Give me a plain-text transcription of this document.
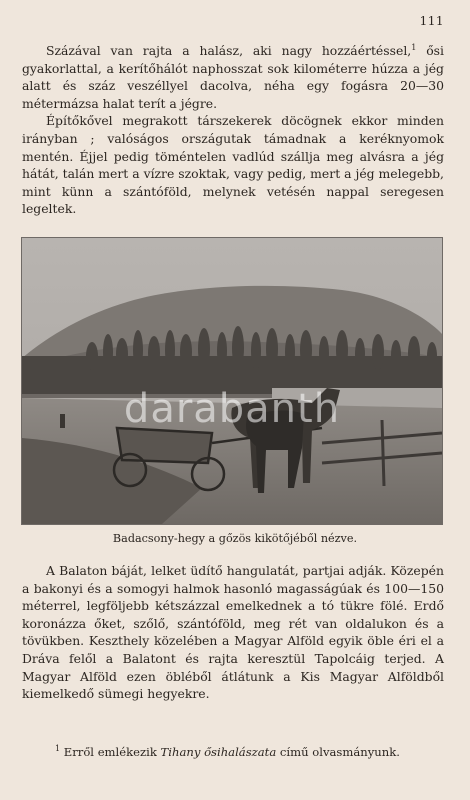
111

Százával van rajta a halász, aki nagy hozzáértéssel,$^1$ ősi gyakorlattal, a kerítőhálót naphosszat sok kilométerre húzza a jég alatt és száz veszéllyel dacolva, néha egy fogásra 20—30 métermázsa halat terít a jégre.

Építőkővel megrakott társzekerek döcögnek ekkor minden irányban ; valóságos országutak támadnak a keréknyomok mentén. Éjjel pedig töméntelen vadlúd szállja meg alvásra a jég hátát, talán mert a vízre szoktak, vagy pedig, mert a jég melegebb, mint künn a szántóföld, melynek vetésén nappal seregesen legeltek.

darabanth
Badacsony-hegy a gőzös kikötőjéből nézve.

A Balaton báját, lelket üdítő hangulatát, partjai adják. Közepén a bakonyi és a somogyi halmok hasonló magasságúak és 100—150 méterrel, legföljebb kétszázzal emelkednek a tó tükre fölé. Erdő koronázza őket, szőlő, szántóföld, meg rét van oldalukon és a tövükben. Keszthely közelében a Magyar Alföld egyik öble éri el a Dráva felől a Balatont és rajta keresztül Tapolcáig terjed. A Magyar Alföld ezen öbléből átlátunk a Kis Magyar Alföldből kiemelkedő sümegi hegyekre.

$^1$ Erről emlékezik Tihany ősihalászata című olvasmányunk.
